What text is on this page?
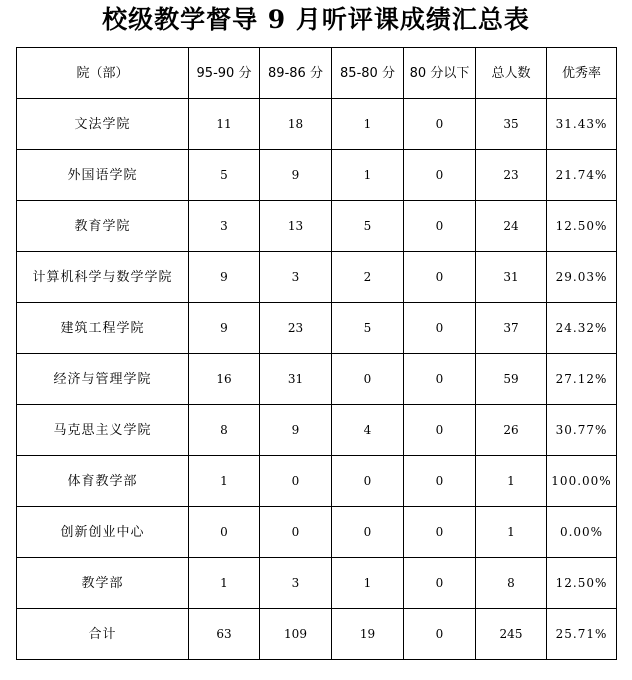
校级教学督导 9 月听评课成绩汇总表
院（部）	95-90 分	89-86 分	85-80 分	80 分以下	总人数	优秀率
文法学院	11	18	1	0	35	31.43%
外国语学院	5	9	1	0	23	21.74%
教育学院	3	13	5	0	24	12.50%
计算机科学与数学学院	9	3	2	0	31	29.03%
建筑工程学院	9	23	5	0	37	24.32%
经济与管理学院	16	31	0	0	59	27.12%
马克思主义学院	8	9	4	0	26	30.77%
体育教学部	1	0	0	0	1	100.00%
创新创业中心	0	0	0	0	1	0.00%
教学部	1	3	1	0	8	12.50%
合计	63	109	19	0	245	25.71%
